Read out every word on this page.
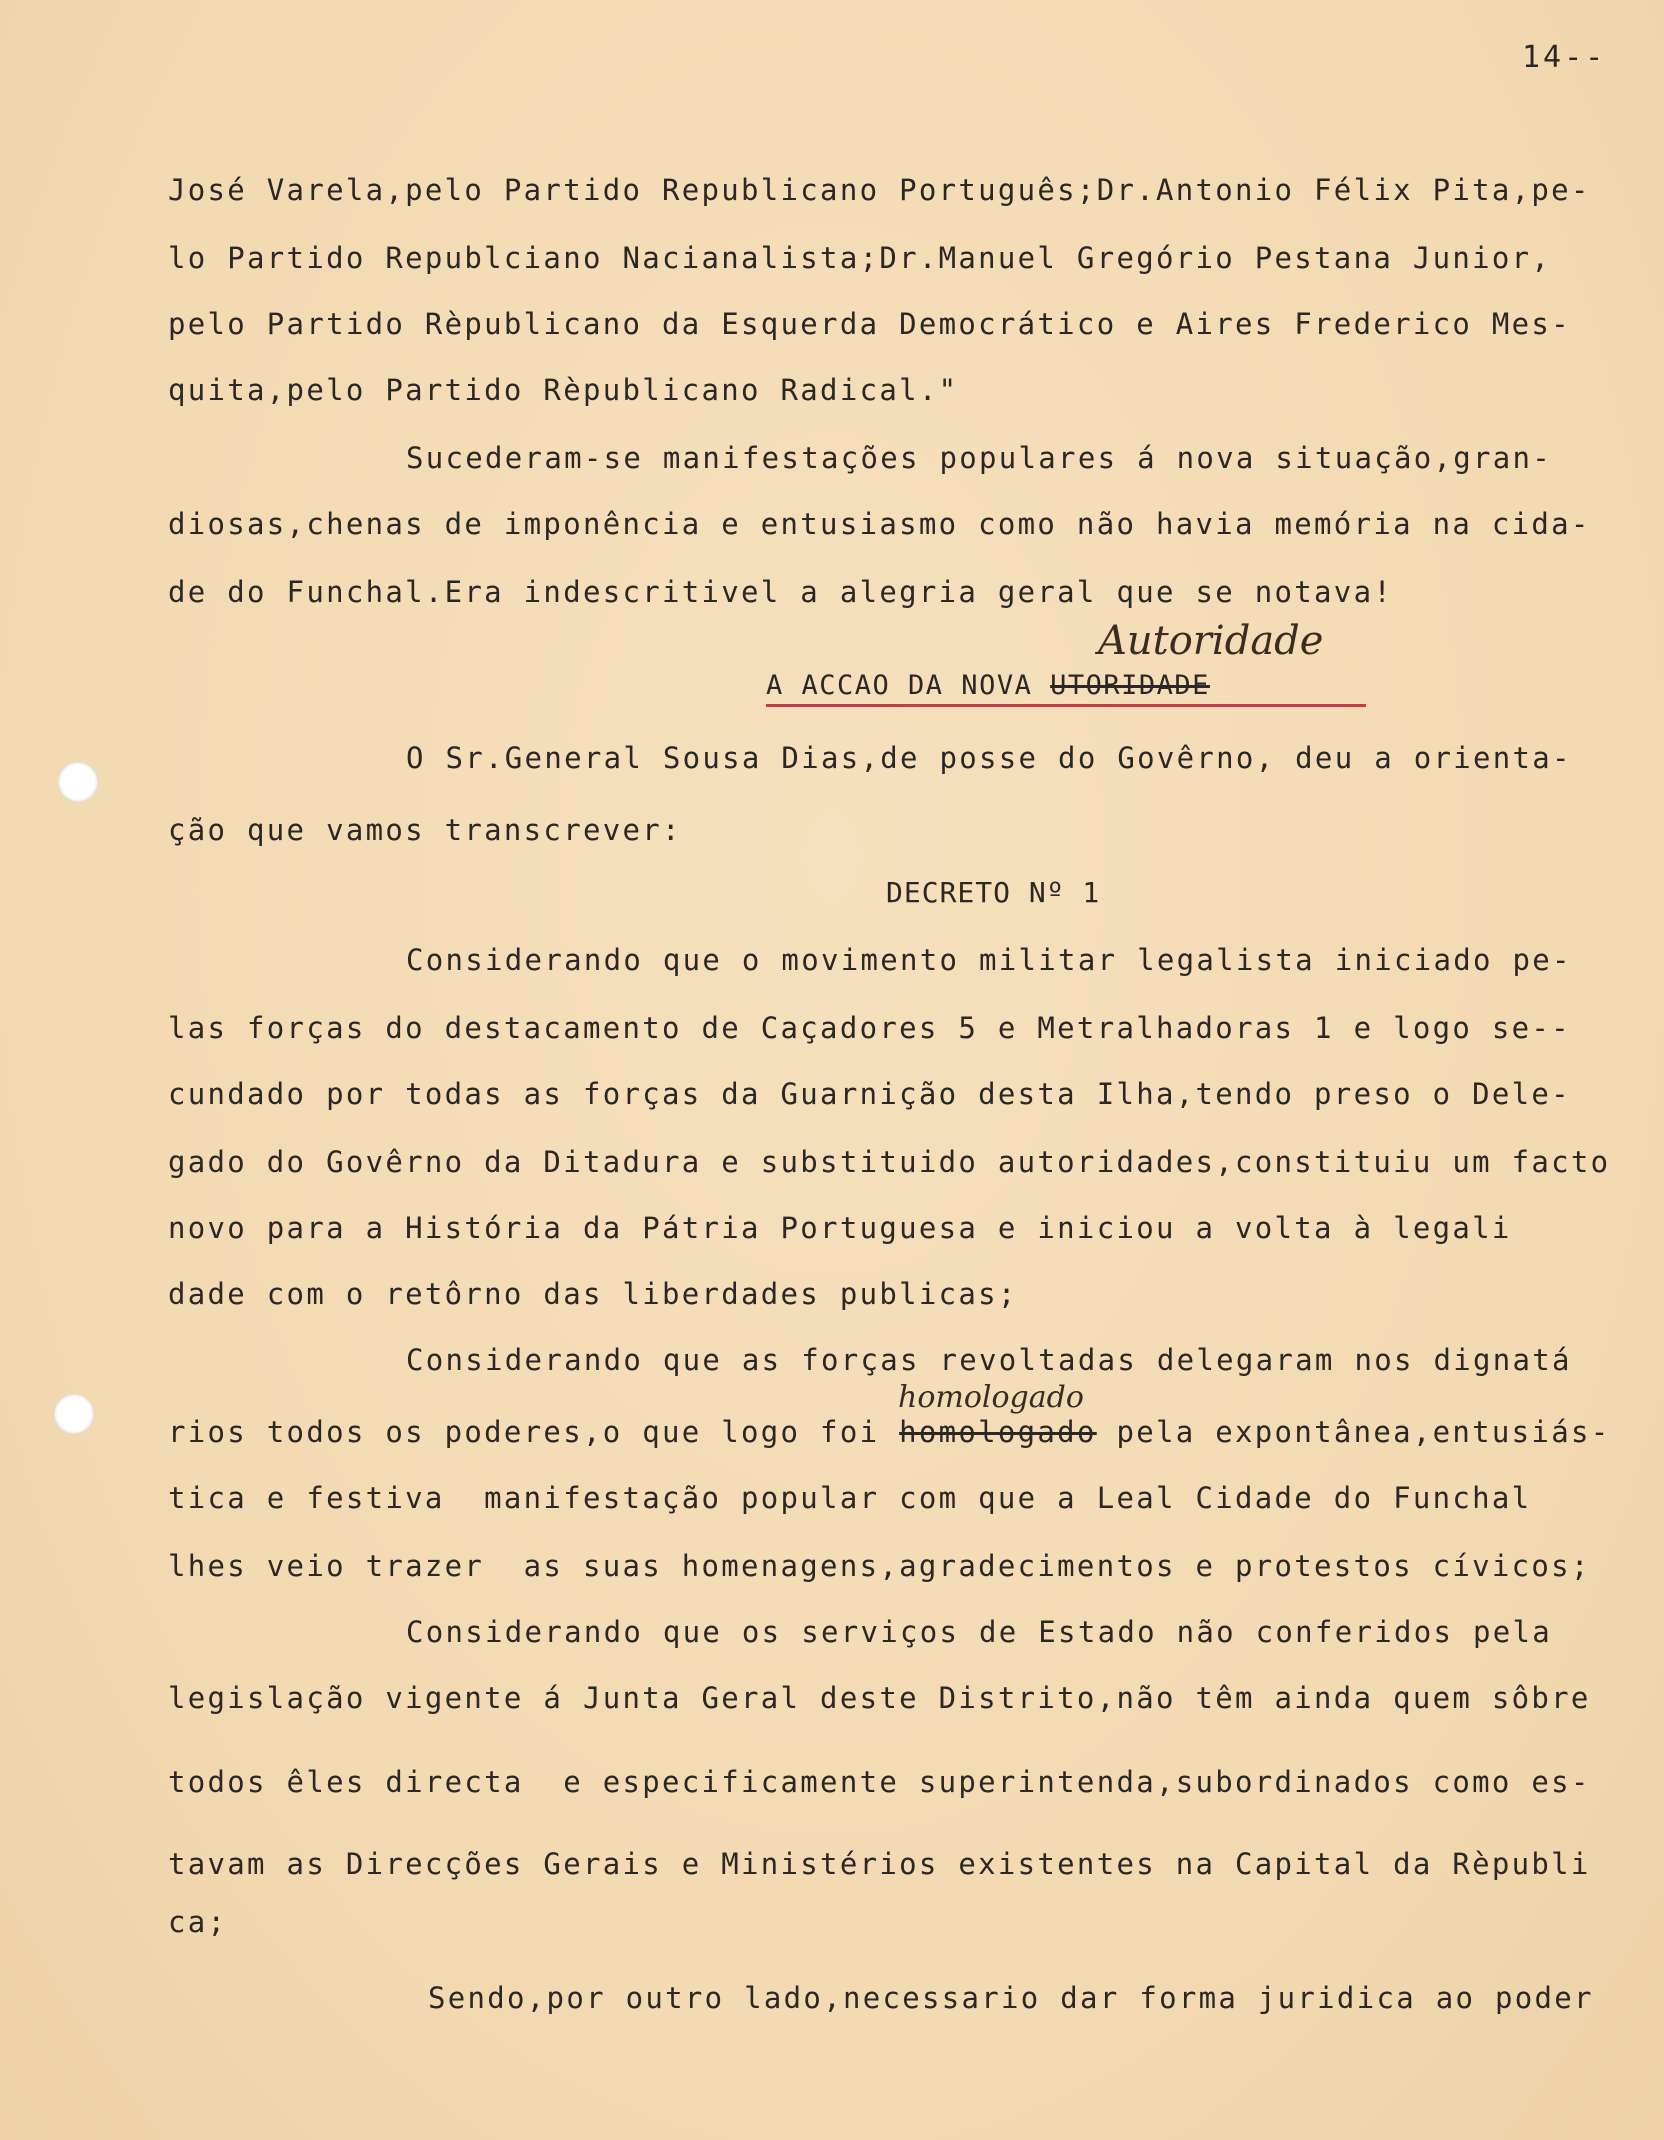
14--
José Varela,pelo Partido Republicano Português;Dr.Antonio Félix Pita,pe-
lo Partido Republciano Nacianalista;Dr.Manuel Gregório Pestana Junior,
pelo Partido Rèpublicano da Esquerda Democrático e Aires Frederico Mes-
quita,pelo Partido Rèpublicano Radical."
Sucederam-se manifestações populares á nova situação,gran-
diosas,chenas de imponência e entusiasmo como não havia memória na cida-
de do Funchal.Era indescritivel a alegria geral que se notava!
Autoridade
A ACCAO DA NOVA UTORIDADE
O Sr.General Sousa Dias,de posse do Govêrno, deu a orienta-
ção que vamos transcrever:
DECRETO Nº 1
Considerando que o movimento militar legalista iniciado pe-
las forças do destacamento de Caçadores 5 e Metralhadoras 1 e logo se--
cundado por todas as forças da Guarnição desta Ilha,tendo preso o Dele-
gado do Govêrno da Ditadura e substituido autoridades,constituiu um facto
novo para a História da Pátria Portuguesa e iniciou a volta à legali
dade com o retôrno das liberdades publicas;
Considerando que as forças revoltadas delegaram nos dignatá
homologado
rios todos os poderes,o que logo foi homologado pela expontânea,entusiás-
tica e festiva  manifestação popular com que a Leal Cidade do Funchal
lhes veio trazer  as suas homenagens,agradecimentos e protestos cívicos;
Considerando que os serviços de Estado não conferidos pela
legislação vigente á Junta Geral deste Distrito,não têm ainda quem sôbre
todos êles directa  e especificamente superintenda,subordinados como es-
tavam as Direcções Gerais e Ministérios existentes na Capital da Rèpubli
ca;
Sendo,por outro lado,necessario dar forma juridica ao poder
